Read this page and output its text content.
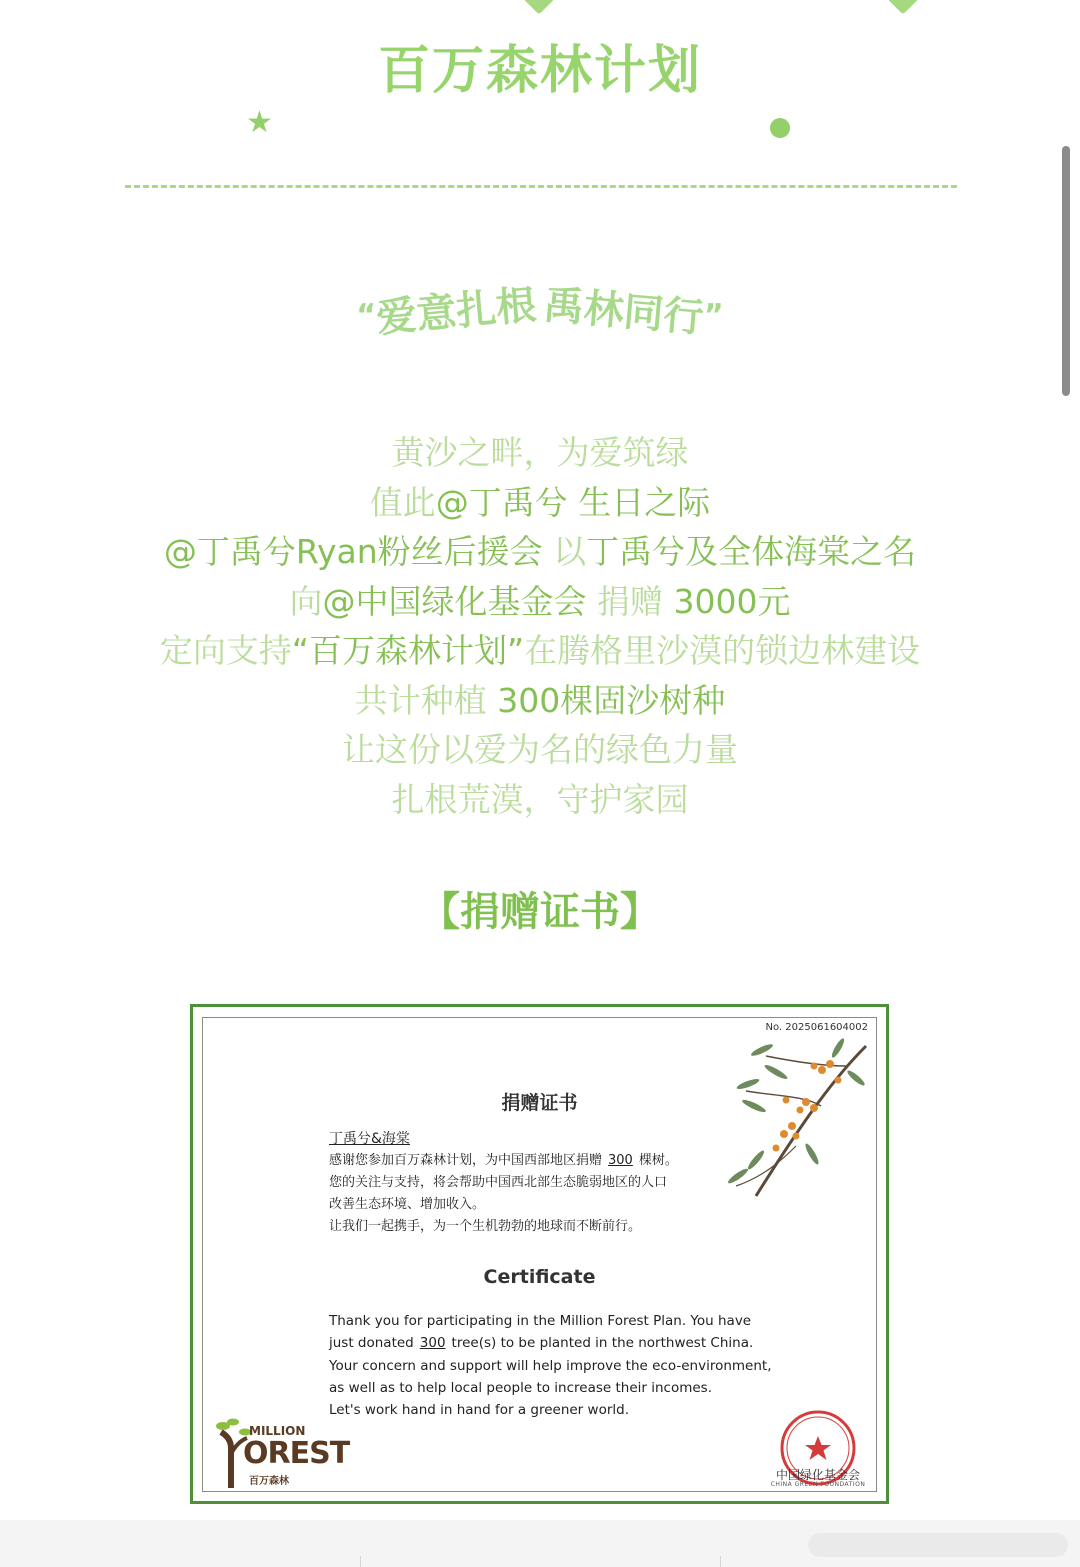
百万森林计划
★
“爱意扎根禹林同行”
黄沙之畔，为爱筑绿
值此@丁禹兮 生日之际
@丁禹兮Ryan粉丝后援会 以丁禹兮及全体海棠之名
向@中国绿化基金会 捐赠 3000元
定向支持“百万森林计划”在腾格里沙漠的锁边林建设
共计种植 300棵固沙树种
让这份以爱为名的绿色力量
扎根荒漠，守护家园
【捐赠证书】
No. 2025061604002
捐赠证书
丁禹兮&海棠
感谢您参加百万森林计划，为中国西部地区捐赠 300 棵树。
您的关注与支持，将会帮助中国西北部生态脆弱地区的人口
改善生态环境、增加收入。
让我们一起携手，为一个生机勃勃的地球而不断前行。
Certificate
Thank you for participating in the Million Forest Plan. You have
just donated 300 tree(s) to be planted in the northwest China.
Your concern and support will help improve the eco-environment,
as well as to help local people to increase their incomes.
Let's work hand in hand for a greener world.
MILLION
OREST
百万森林	中国绿化基金会
CHINA GREEN FOUNDATION
